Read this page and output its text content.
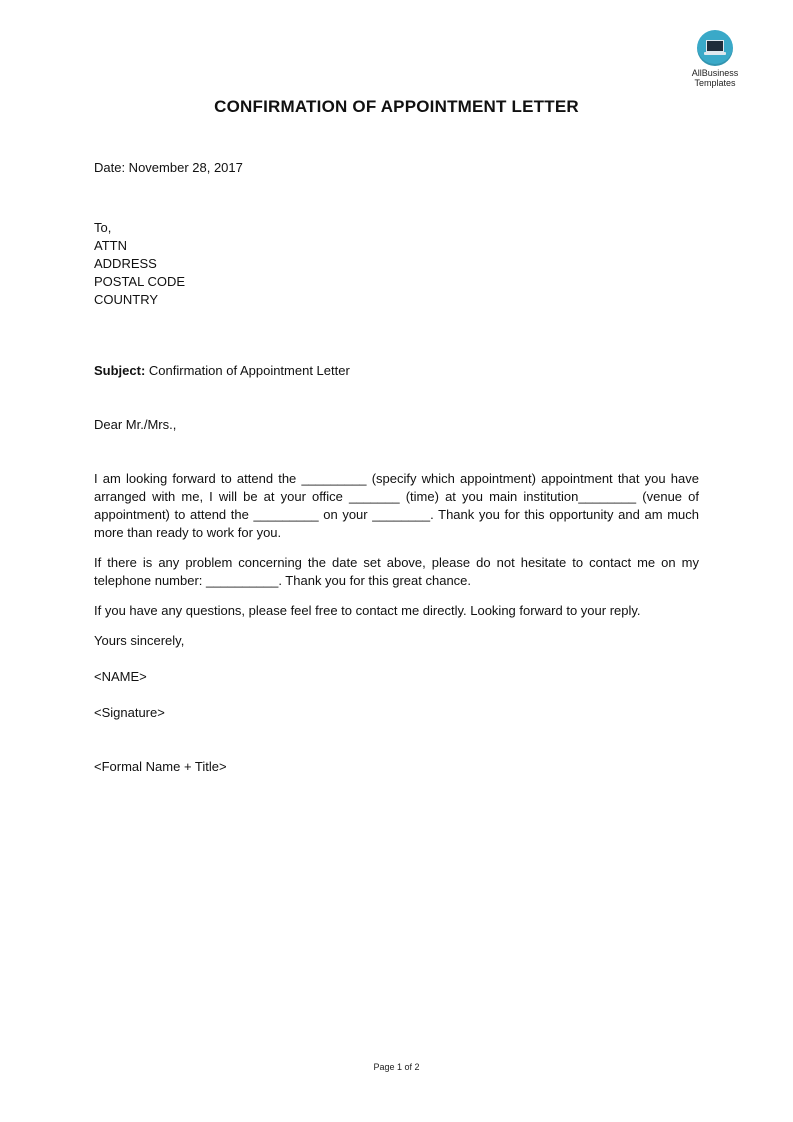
AllBusiness
Templates
CONFIRMATION OF APPOINTMENT LETTER

Date: November 28, 2017

To,

ATTN

ADDRESS

POSTAL CODE

COUNTRY

Subject: Confirmation of Appointment Letter

Dear Mr./Mrs.,

I am looking forward to attend the _________ (specify which appointment) appointment that you have arranged with me, I will be at your office _______ (time) at you main institution________ (venue of appointment) to attend the _________ on your ________. Thank you for this opportunity and am much more than ready to work for you.

If there is any problem concerning the date set above, please do not hesitate to contact me on my telephone number: __________. Thank you for this great chance.

If you have any questions, please feel free to contact me directly. Looking forward to your reply.

Yours sincerely,

<NAME>

<Signature>

<Formal Name + Title>

Page 1 of 2
